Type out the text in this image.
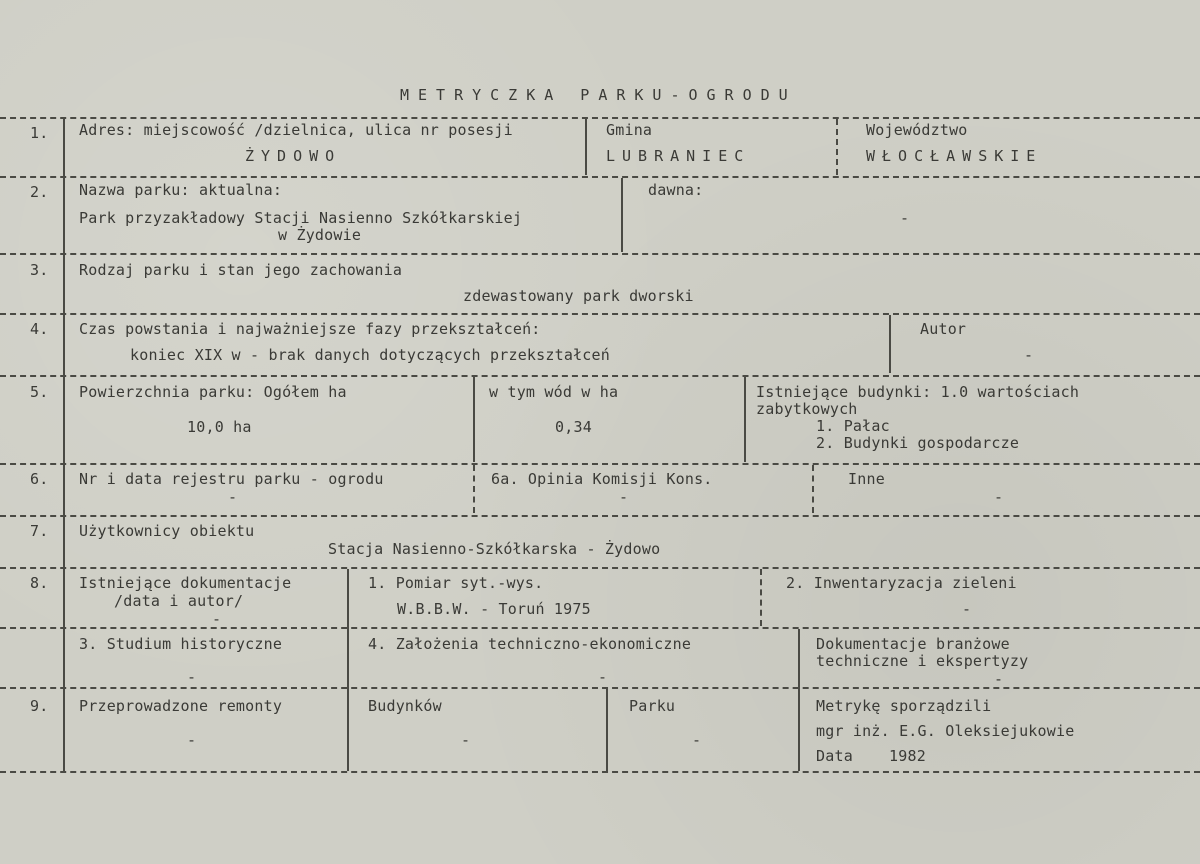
METRYCZKA PARKU-OGRODU
1. Adres: miejscowość /dzielnica, ulica nr posesji
ŻYDOWO
Gmina
LUBRANIEC
Województwo
WŁOCŁAWSKIE
2. Nazwa parku: aktualna:
Park przyzakładowy Stacji Nasienno Szkółkarskiej
w Żydowie
dawna:
-
3. Rodzaj parku i stan jego zachowania
zdewastowany park dworski
4. Czas powstania i najważniejsze fazy przekształceń:
koniec XIX w - brak danych dotyczących przekształceń
Autor
-
5. Powierzchnia parku: Ogółem ha
10,0 ha
w tym wód w ha
0,34
Istniejące budynki: 1.0 wartościach
zabytkowych
1. Pałac
2. Budynki gospodarcze
6. Nr i data rejestru parku - ogrodu
-
6a. Opinia Komisji Kons.
-
Inne
-
7. Użytkownicy obiektu
Stacja Nasienno-Szkółkarska - Żydowo
8. Istniejące dokumentacje
/data i autor/
-
1. Pomiar syt.-wys.
W.B.B.W. - Toruń 1975
2. Inwentaryzacja zieleni
-
3. Studium historyczne
-
4. Założenia techniczno-ekonomiczne
-
Dokumentacje branżowe
techniczne i ekspertyzy
-
9. Przeprowadzone remonty
-
Budynków
-
Parku
-
Metrykę sporządzili
mgr inż. E.G. Oleksiejukowie
Data 1982
